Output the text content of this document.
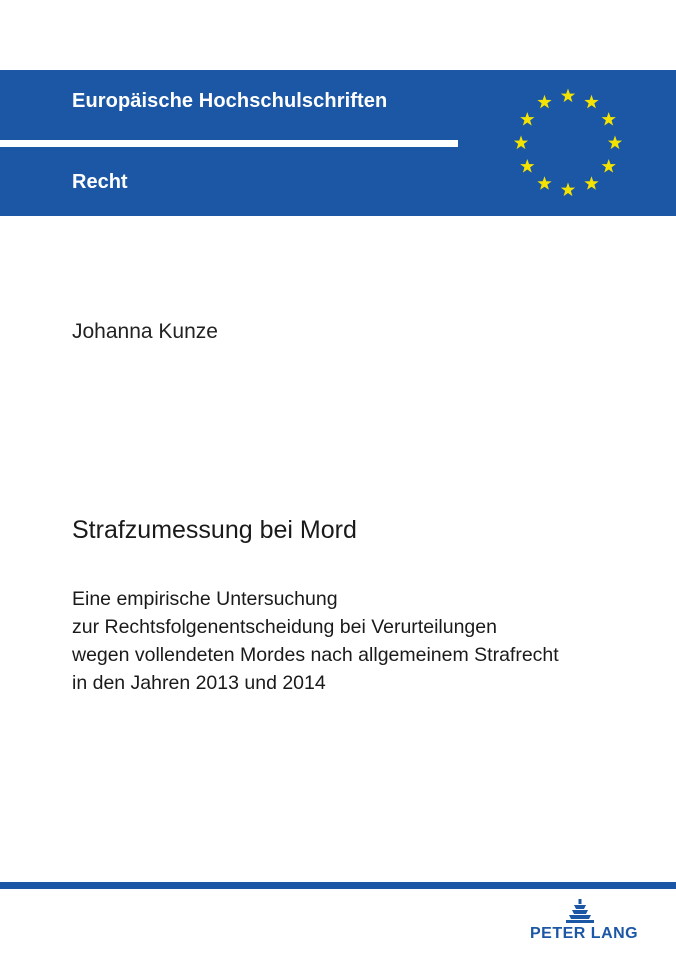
Europäische Hochschulschriften
Recht
Johanna Kunze
Strafzumessung bei Mord
Eine empirische Untersuchung
zur Rechtsfolgenentscheidung bei Verurteilungen
wegen vollendeten Mordes nach allgemeinem Strafrecht
in den Jahren 2013 und 2014
PETER LANG
